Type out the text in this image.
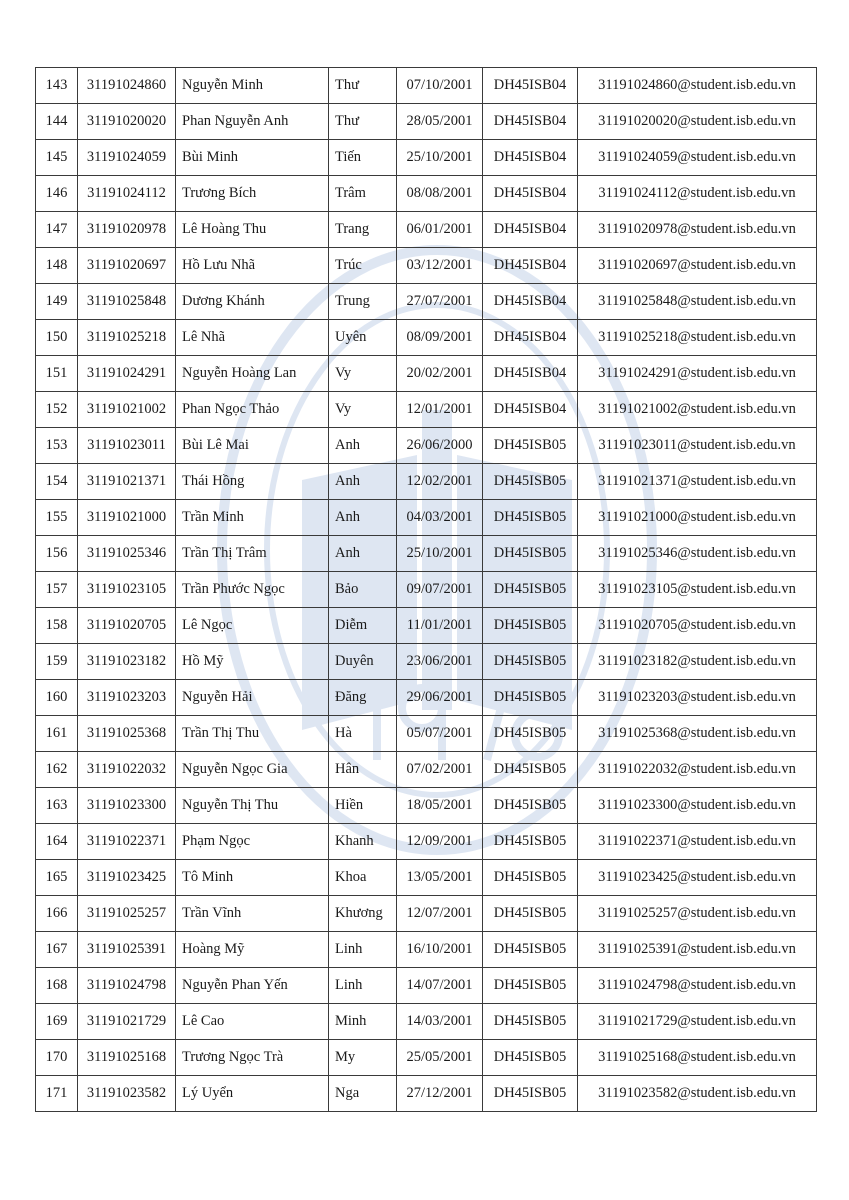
143	31191024860	Nguyễn Minh	Thư	07/10/2001	DH45ISB04	31191024860@student.isb.edu.vn
144	31191020020	Phan Nguyễn Anh	Thư	28/05/2001	DH45ISB04	31191020020@student.isb.edu.vn
145	31191024059	Bùi Minh	Tiến	25/10/2001	DH45ISB04	31191024059@student.isb.edu.vn
146	31191024112	Trương Bích	Trâm	08/08/2001	DH45ISB04	31191024112@student.isb.edu.vn
147	31191020978	Lê Hoàng Thu	Trang	06/01/2001	DH45ISB04	31191020978@student.isb.edu.vn
148	31191020697	Hồ Lưu Nhã	Trúc	03/12/2001	DH45ISB04	31191020697@student.isb.edu.vn
149	31191025848	Dương Khánh	Trung	27/07/2001	DH45ISB04	31191025848@student.isb.edu.vn
150	31191025218	Lê Nhã	Uyên	08/09/2001	DH45ISB04	31191025218@student.isb.edu.vn
151	31191024291	Nguyễn Hoàng Lan	Vy	20/02/2001	DH45ISB04	31191024291@student.isb.edu.vn
152	31191021002	Phan Ngọc Thảo	Vy	12/01/2001	DH45ISB04	31191021002@student.isb.edu.vn
153	31191023011	Bùi Lê Mai	Anh	26/06/2000	DH45ISB05	31191023011@student.isb.edu.vn
154	31191021371	Thái Hồng	Anh	12/02/2001	DH45ISB05	31191021371@student.isb.edu.vn
155	31191021000	Trần Minh	Anh	04/03/2001	DH45ISB05	31191021000@student.isb.edu.vn
156	31191025346	Trần Thị Trâm	Anh	25/10/2001	DH45ISB05	31191025346@student.isb.edu.vn
157	31191023105	Trần Phước Ngọc	Bảo	09/07/2001	DH45ISB05	31191023105@student.isb.edu.vn
158	31191020705	Lê Ngọc	Diễm	11/01/2001	DH45ISB05	31191020705@student.isb.edu.vn
159	31191023182	Hồ Mỹ	Duyên	23/06/2001	DH45ISB05	31191023182@student.isb.edu.vn
160	31191023203	Nguyễn Hải	Đăng	29/06/2001	DH45ISB05	31191023203@student.isb.edu.vn
161	31191025368	Trần Thị Thu	Hà	05/07/2001	DH45ISB05	31191025368@student.isb.edu.vn
162	31191022032	Nguyễn Ngọc Gia	Hân	07/02/2001	DH45ISB05	31191022032@student.isb.edu.vn
163	31191023300	Nguyễn Thị Thu	Hiền	18/05/2001	DH45ISB05	31191023300@student.isb.edu.vn
164	31191022371	Phạm Ngọc	Khanh	12/09/2001	DH45ISB05	31191022371@student.isb.edu.vn
165	31191023425	Tô Minh	Khoa	13/05/2001	DH45ISB05	31191023425@student.isb.edu.vn
166	31191025257	Trần Vĩnh	Khương	12/07/2001	DH45ISB05	31191025257@student.isb.edu.vn
167	31191025391	Hoàng Mỹ	Linh	16/10/2001	DH45ISB05	31191025391@student.isb.edu.vn
168	31191024798	Nguyễn Phan Yến	Linh	14/07/2001	DH45ISB05	31191024798@student.isb.edu.vn
169	31191021729	Lê Cao	Minh	14/03/2001	DH45ISB05	31191021729@student.isb.edu.vn
170	31191025168	Trương Ngọc Trà	My	25/05/2001	DH45ISB05	31191025168@student.isb.edu.vn
171	31191023582	Lý Uyển	Nga	27/12/2001	DH45ISB05	31191023582@student.isb.edu.vn
